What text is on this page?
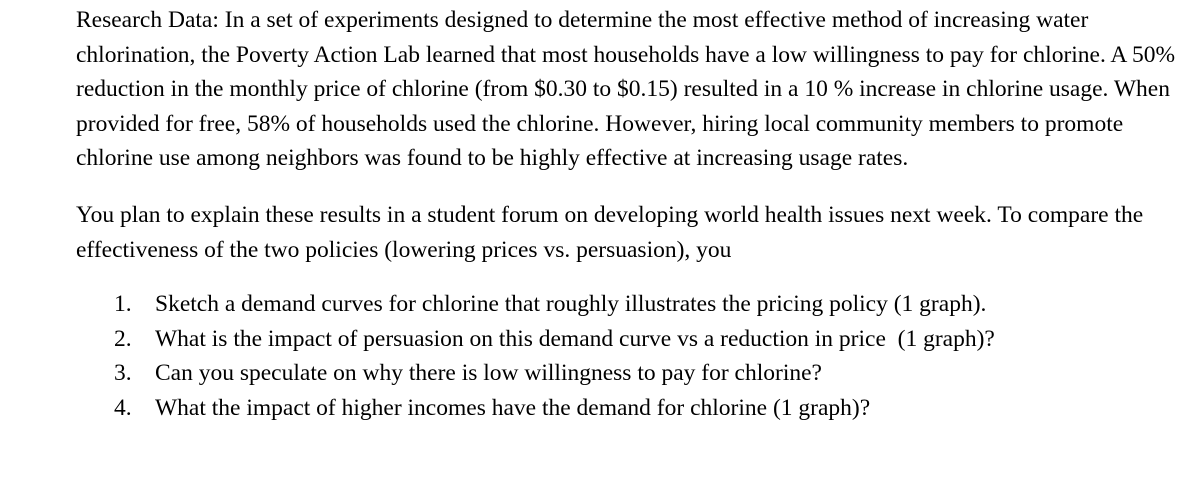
Research Data: In a set of experiments designed to determine the most effective method of increasing water chlorination, the Poverty Action Lab learned that most households have a low willingness to pay for chlorine. A 50% reduction in the monthly price of chlorine (from $0.30 to $0.15) resulted in a 10 % increase in chlorine usage. When provided for free, 58% of households used the chlorine. However, hiring local community members to promote chlorine use among neighbors was found to be highly effective at increasing usage rates.

You plan to explain these results in a student forum on developing world health issues next week. To compare the effectiveness of the two policies (lowering prices vs. persuasion), you

1. Sketch a demand curves for chlorine that roughly illustrates the pricing policy (1 graph).
2. What is the impact of persuasion on this demand curve vs a reduction in price  (1 graph)?
3. Can you speculate on why there is low willingness to pay for chlorine?
4. What the impact of higher incomes have the demand for chlorine (1 graph)?
